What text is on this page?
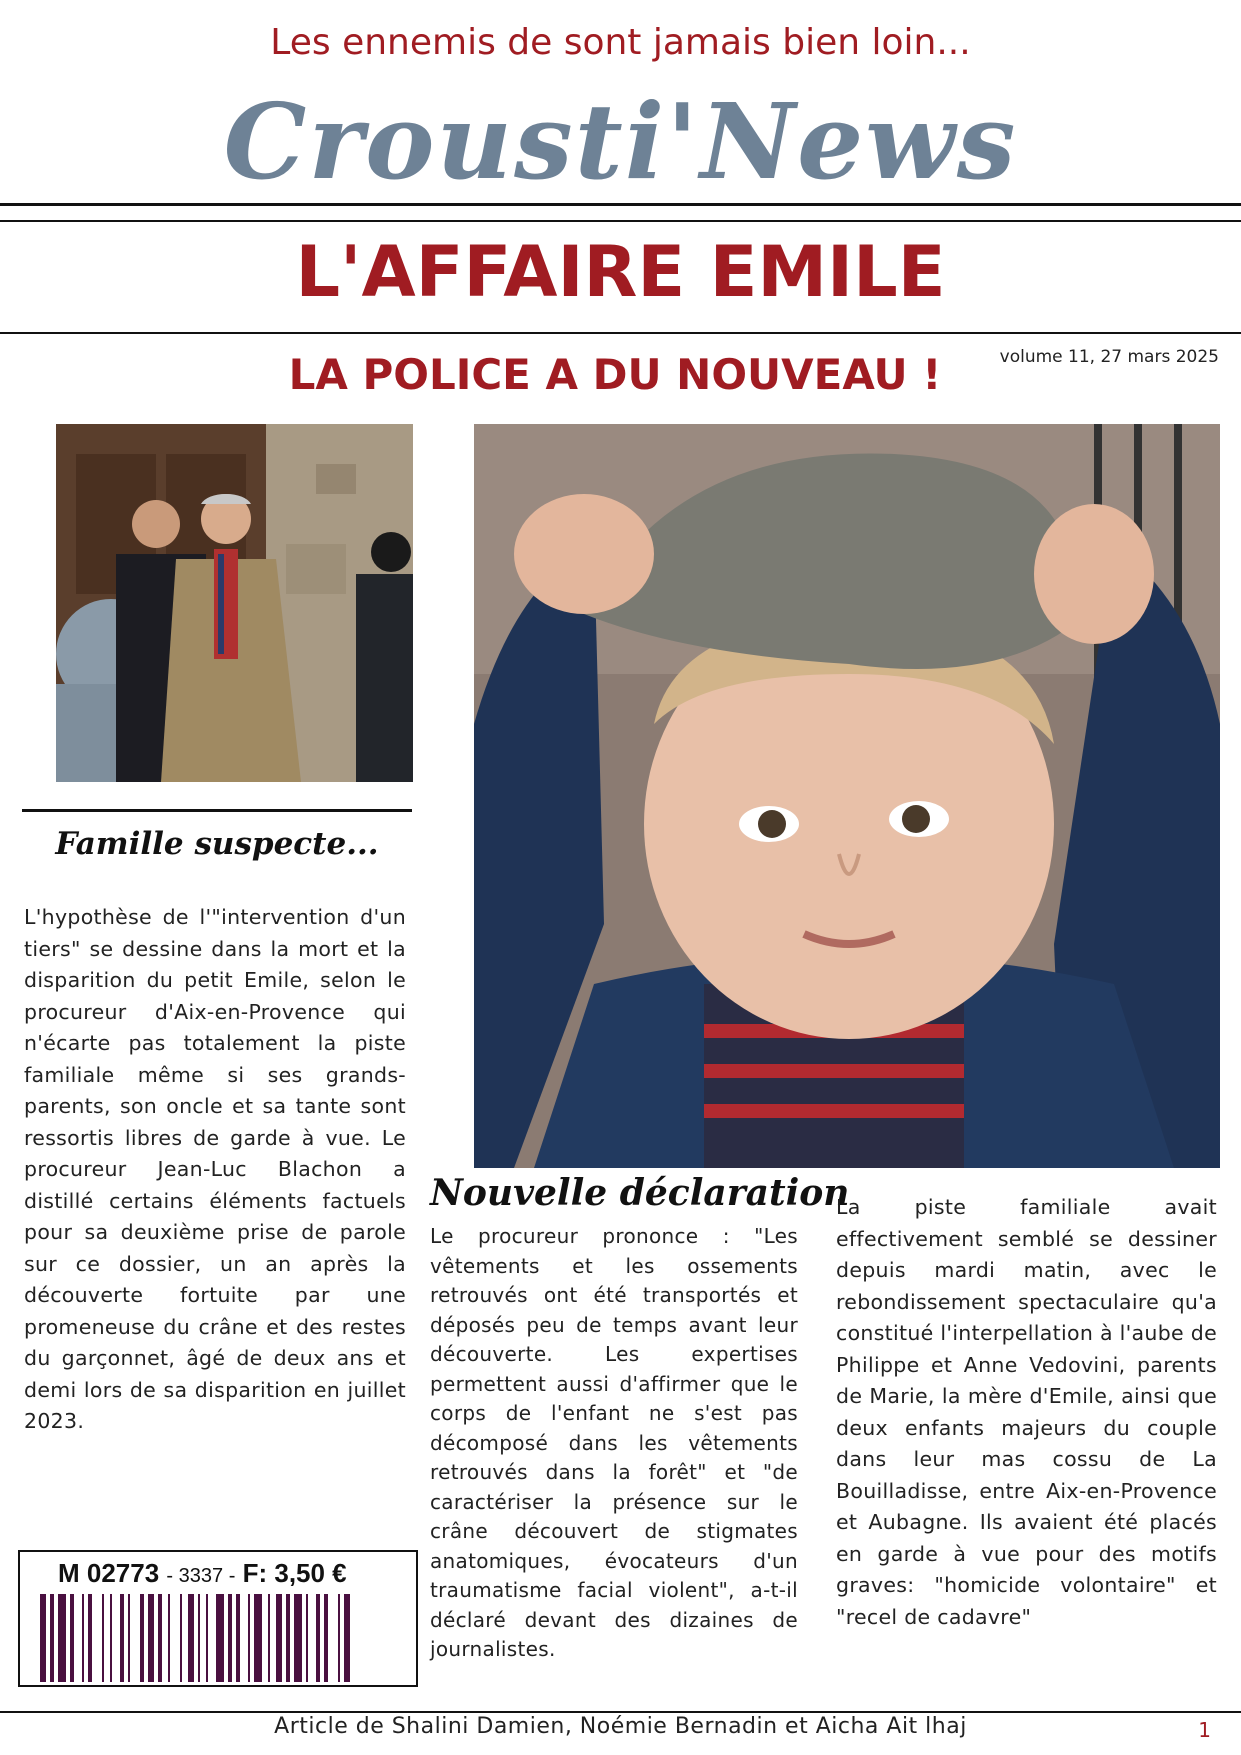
Les ennemis de sont jamais bien loin...
Crousti'News
L'AFFAIRE EMILE
LA POLICE A DU NOUVEAU !	volume 11, 27 mars 2025
Famille suspecte...
L'hypothèse de l'"intervention d'un tiers" se dessine dans la mort et la disparition du petit Emile, selon le procureur d'Aix-en-Provence qui n'écarte pas totalement la piste familiale même si ses grands-parents, son oncle et sa tante sont ressortis libres de garde à vue. Le procureur Jean-Luc Blachon a distillé certains éléments factuels pour sa deuxième prise de parole sur ce dossier, un an après la découverte fortuite par une promeneuse du crâne et des restes du garçonnet, âgé de deux ans et demi lors de sa disparition en juillet 2023.
Nouvelle déclaration
Le procureur prononce : "Les vêtements et les ossements retrouvés ont été transportés et déposés peu de temps avant leur découverte. Les expertises permettent aussi d'affirmer que le corps de l'enfant ne s'est pas décomposé dans les vêtements retrouvés dans la forêt" et "de caractériser la présence sur le crâne découvert de stigmates anatomiques, évocateurs d'un traumatisme facial violent", a-t-il déclaré devant des dizaines de journalistes.
La piste familiale avait effectivement semblé se dessiner depuis mardi matin, avec le rebondissement spectaculaire qu'a constitué l'interpellation à l'aube de Philippe et Anne Vedovini, parents de Marie, la mère d'Emile, ainsi que deux enfants majeurs du couple dans leur mas cossu de La Bouilladisse, entre Aix-en-Provence et Aubagne. Ils avaient été placés en garde à vue pour des motifs graves: "homicide volontaire" et "recel de cadavre"
M 02773 - 3337 - F: 3,50 €
Article de Shalini Damien, Noémie Bernadin et Aicha Ait lhaj	1
